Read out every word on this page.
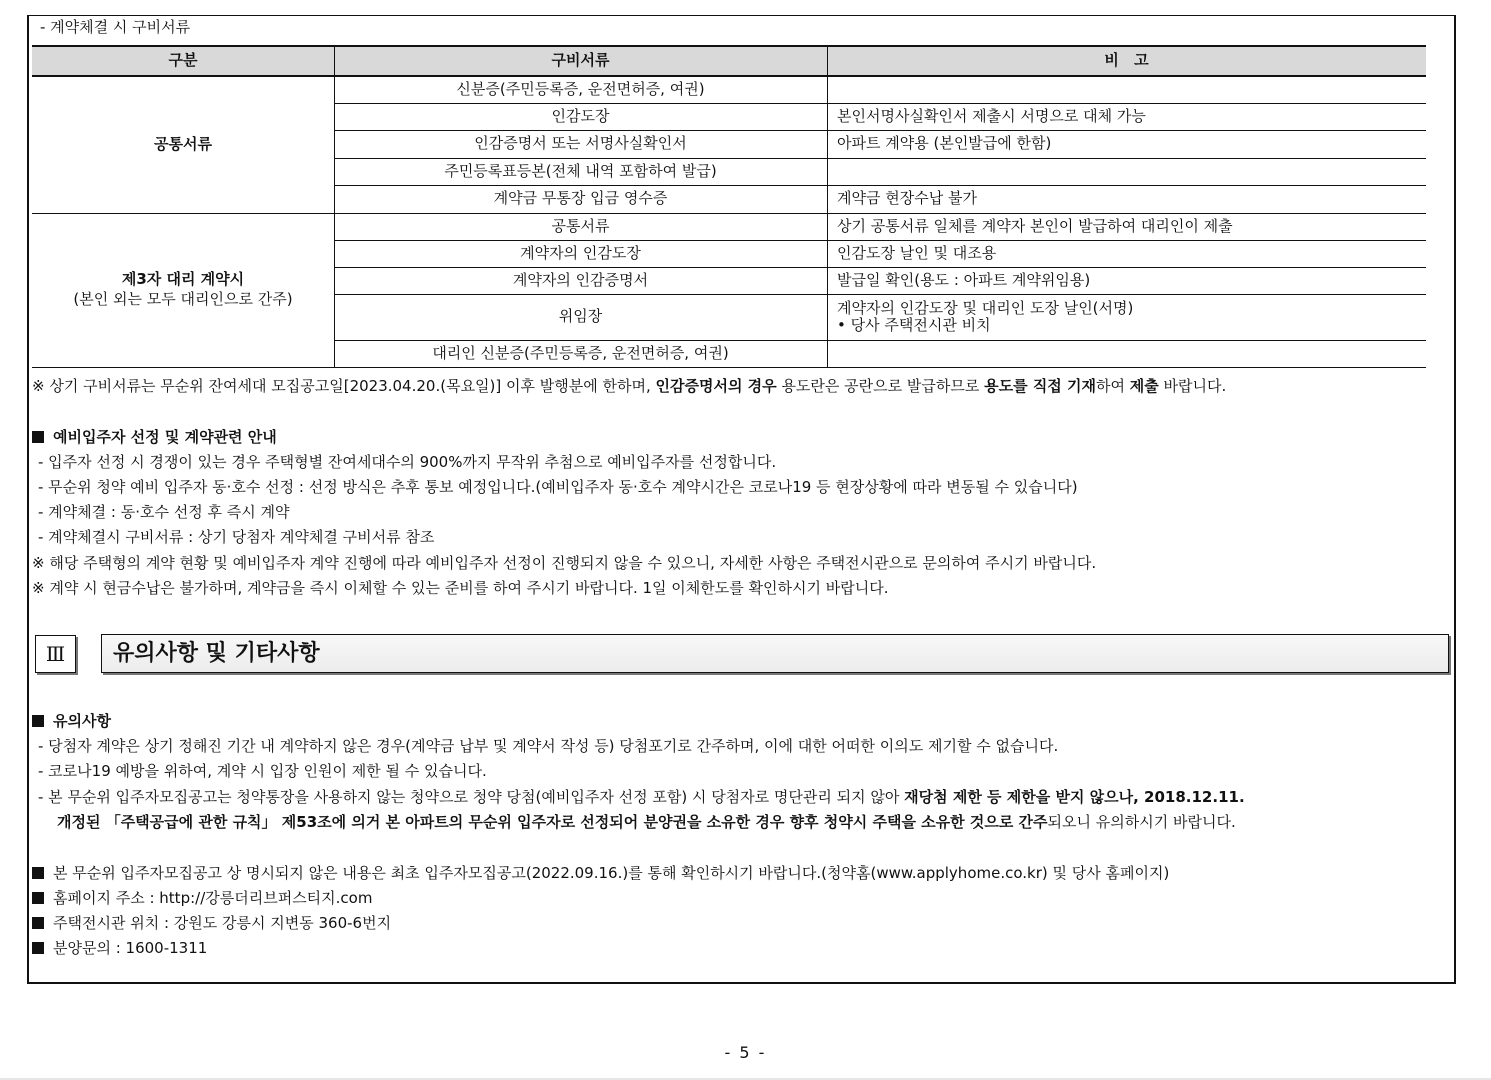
- 계약체결 시 구비서류
구분	구비서류	비 고
공통서류
신분증(주민등록증, 운전면허증, 여권)
인감도장	본인서명사실확인서 제출시 서명으로 대체 가능
인감증명서 또는 서명사실확인서	아파트 계약용 (본인발급에 한함)
주민등록표등본(전체 내역 포함하여 발급)
계약금 무통장 입금 영수증	계약금 현장수납 불가
제3자 대리 계약시
(본인 외는 모두 대리인으로 간주)
공통서류	상기 공통서류 일체를 계약자 본인이 발급하여 대리인이 제출
계약자의 인감도장	인감도장 날인 및 대조용
계약자의 인감증명서	발급일 확인(용도 : 아파트 계약위임용)
위임장	계약자의 인감도장 및 대리인 도장 날인(서명)
• 당사 주택전시관 비치
대리인 신분증(주민등록증, 운전면허증, 여권)
※ 상기 구비서류는 무순위 잔여세대 모집공고일[2023.04.20.(목요일)] 이후 발행분에 한하며, 인감증명서의 경우 용도란은 공란으로 발급하므로 용도를 직접 기재하여 제출 바랍니다.
예비입주자 선정 및 계약관련 안내
- 입주자 선정 시 경쟁이 있는 경우 주택형별 잔여세대수의 900%까지 무작위 추첨으로 예비입주자를 선정합니다.
- 무순위 청약 예비 입주자 동·호수 선정 : 선정 방식은 추후 통보 예정입니다.(예비입주자 동·호수 계약시간은 코로나19 등 현장상황에 따라 변동될 수 있습니다)
- 계약체결 : 동·호수 선정 후 즉시 계약
- 계약체결시 구비서류 : 상기 당첨자 계약체결 구비서류 참조
※ 해당 주택형의 계약 현황 및 예비입주자 계약 진행에 따라 예비입주자 선정이 진행되지 않을 수 있으니, 자세한 사항은 주택전시관으로 문의하여 주시기 바랍니다.
※ 계약 시 현금수납은 불가하며, 계약금을 즉시 이체할 수 있는 준비를 하여 주시기 바랍니다. 1일 이체한도를 확인하시기 바랍니다.
Ⅲ	유의사항 및 기타사항
유의사항
- 당첨자 계약은 상기 정해진 기간 내 계약하지 않은 경우(계약금 납부 및 계약서 작성 등) 당첨포기로 간주하며, 이에 대한 어떠한 이의도 제기할 수 없습니다.
- 코로나19 예방을 위하여, 계약 시 입장 인원이 제한 될 수 있습니다.
- 본 무순위 입주자모집공고는 청약통장을 사용하지 않는 청약으로 청약 당첨(예비입주자 선정 포함) 시 당첨자로 명단관리 되지 않아 재당첨 제한 등 제한을 받지 않으나, 2018.12.11.
개정된 「주택공급에 관한 규칙」 제53조에 의거 본 아파트의 무순위 입주자로 선정되어 분양권을 소유한 경우 향후 청약시 주택을 소유한 것으로 간주되오니 유의하시기 바랍니다.
본 무순위 입주자모집공고 상 명시되지 않은 내용은 최초 입주자모집공고(2022.09.16.)를 통해 확인하시기 바랍니다.(청약홈(www.applyhome.co.kr) 및 당사 홈페이지)
홈페이지 주소 : http://강릉더리브퍼스티지.com
주택전시관 위치 : 강원도 강릉시 지변동 360-6번지
분양문의 : 1600-1311
- 5 -
